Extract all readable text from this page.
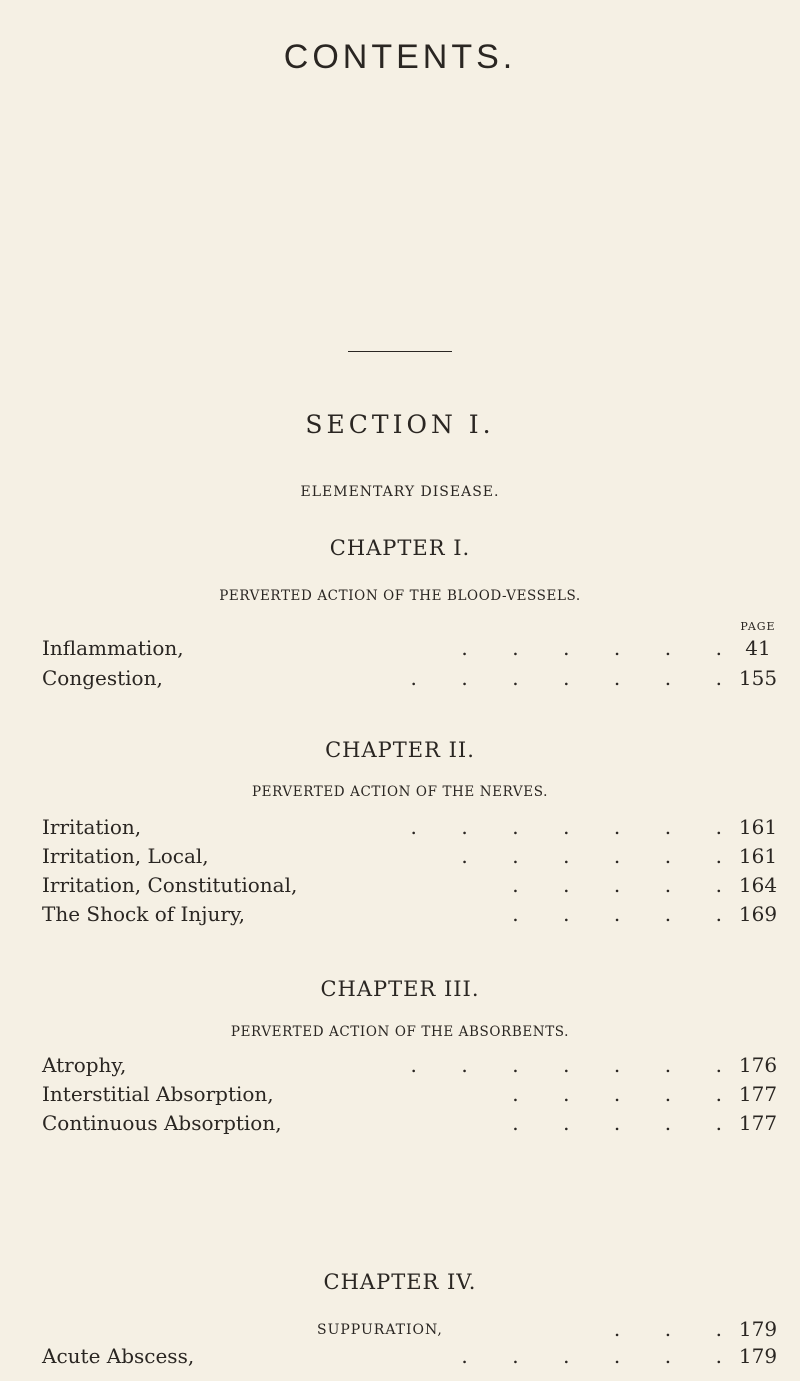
CONTENTS.
SECTION I.
ELEMENTARY DISEASE.
CHAPTER I.
PERVERTED ACTION OF THE BLOOD-VESSELS.
PAGE
Inflammation,	.       .       .       .       .       .	41
Congestion,	.       .       .       .       .       .       . 155
CHAPTER II.
PERVERTED ACTION OF THE NERVES.
Irritation,	.       .       .       .       .       .       . 161
Irritation, Local,	.       .       .       .       .       . 161
Irritation, Constitutional,	.       .       .       .       . 164
The Shock of Injury,	.       .       .       .       . 169
CHAPTER III.
PERVERTED ACTION OF THE ABSORBENTS.
Atrophy,	.       .       .       .       .       .       . 176
Interstitial Absorption,	.       .       .       .       . 177
Continuous Absorption,	.       .       .       .       . 177
CHAPTER IV.
SUPPURATION,	.       .       . 179
Acute Abscess,	.       .       .       .       .       . 179
